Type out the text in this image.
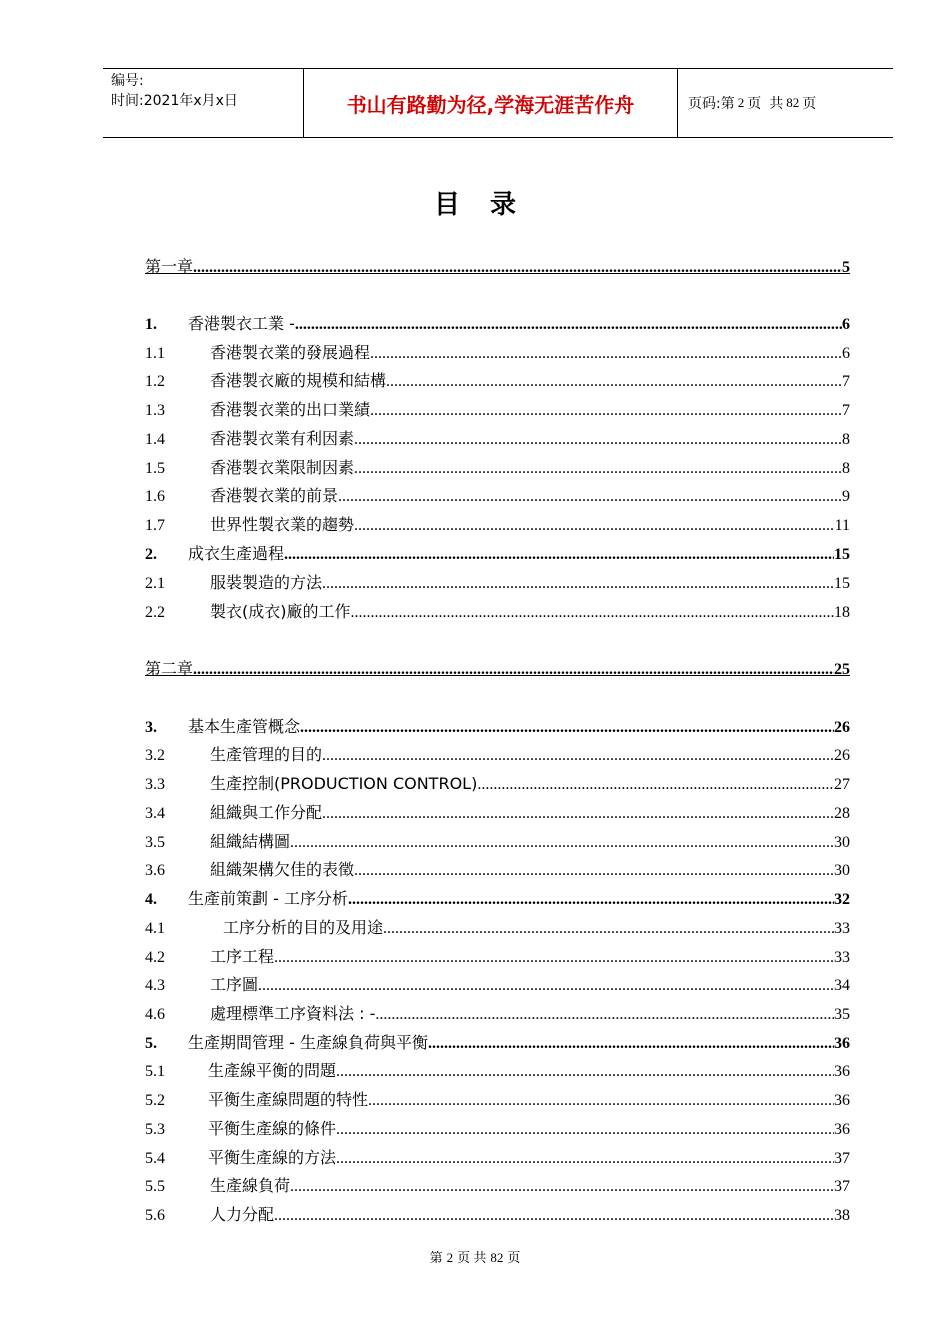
编号:
时间:2021年x月x日	书山有路勤为径,学海无涯苦作舟	页码:第 2 页 共 82 页
目录
第一章 .....	5
1.	香港製衣工業 - .....	6
1.1	香港製衣業的發展過程 .....	6
1.2	香港製衣廠的規模和結構 .....	7
1.3	香港製衣業的出口業績 .....	7
1.4	香港製衣業有利因素 .....	8
1.5	香港製衣業限制因素 .....	8
1.6	香港製衣業的前景 .....	9
1.7	世界性製衣業的趨勢 .....	11
2.	成衣生產過程 .....	15
2.1	服裝製造的方法 .....	15
2.2	製衣(成衣)廠的工作 .....	18
第二章 .....	25
3.	基本生產管概念 .....	26
3.2	生產管理的目的 .....	26
3.3	生產控制(PRODUCTION CONTROL) .....	27
3.4	組織與工作分配 .....	28
3.5	組織結構圖 .....	30
3.6	組織架構欠佳的表徵 .....	30
4.	生產前策劃 - 工序分析 .....	32
4.1	工序分析的目的及用途 .....	33
4.2	工序工程 .....	33
4.3	工序圖 .....	34
4.6	處理標準工序資料法 : - .....	35
5.	生產期間管理 - 生產線負荷與平衡 .....	36
5.1	生產線平衡的問題 .....	36
5.2	平衡生產線問題的特性 .....	36
5.3	平衡生產線的條件 .....	36
5.4	平衡生產線的方法 .....	37
5.5	生產線負荷 .....	37
5.6	人力分配 .....	38
第 2 页 共 82 页
